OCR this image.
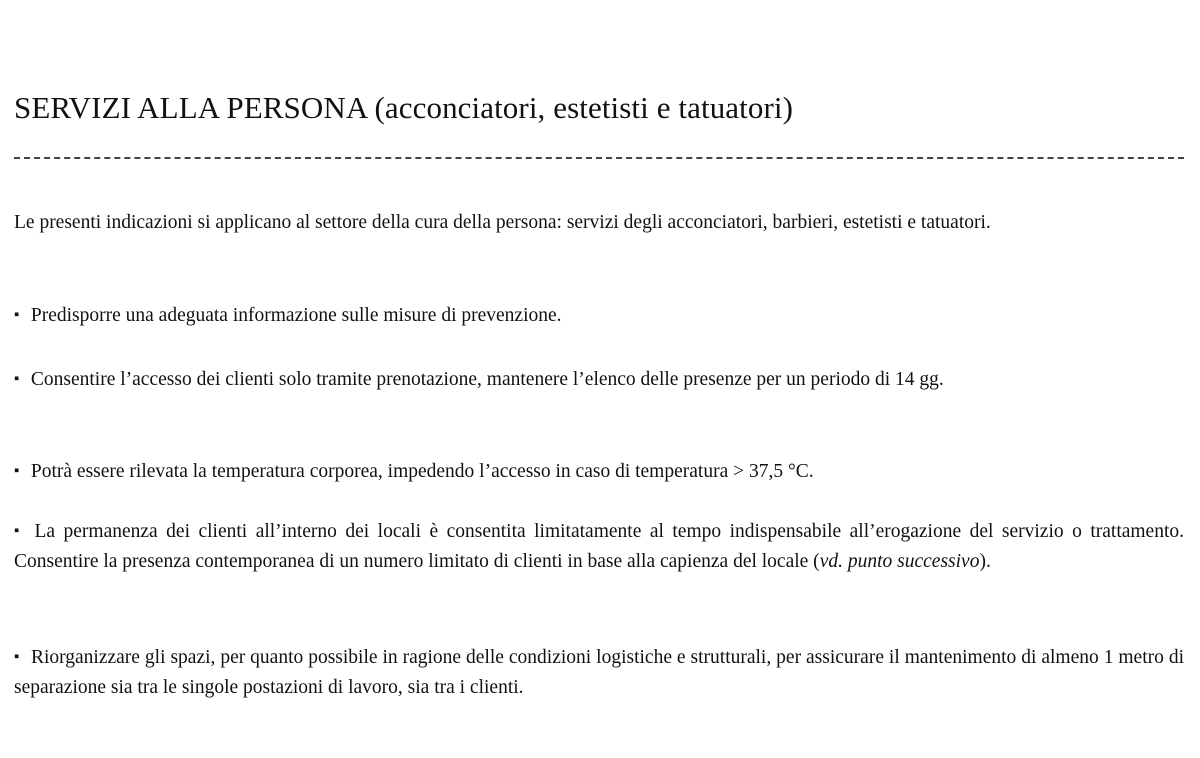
SERVIZI ALLA PERSONA (acconciatori, estetisti e tatuatori)

Le presenti indicazioni si applicano al settore della cura della persona: servizi degli acconciatori, barbieri, estetisti e tatuatori.

▪ Predisporre una adeguata informazione sulle misure di prevenzione.

▪ Consentire l’accesso dei clienti solo tramite prenotazione, mantenere l’elenco delle presenze per un periodo di 14 gg.

▪ Potrà essere rilevata la temperatura corporea, impedendo l’accesso in caso di temperatura > 37,5 °C.

▪ La permanenza dei clienti all’interno dei locali è consentita limitatamente al tempo indispensabile all’erogazione del servizio o trattamento. Consentire la presenza contemporanea di un numero limitato di clienti in base alla capienza del locale (vd. punto successivo).

▪ Riorganizzare gli spazi, per quanto possibile in ragione delle condizioni logistiche e strutturali, per assicurare il mantenimento di almeno 1 metro di separazione sia tra le singole postazioni di lavoro, sia tra i clienti.
